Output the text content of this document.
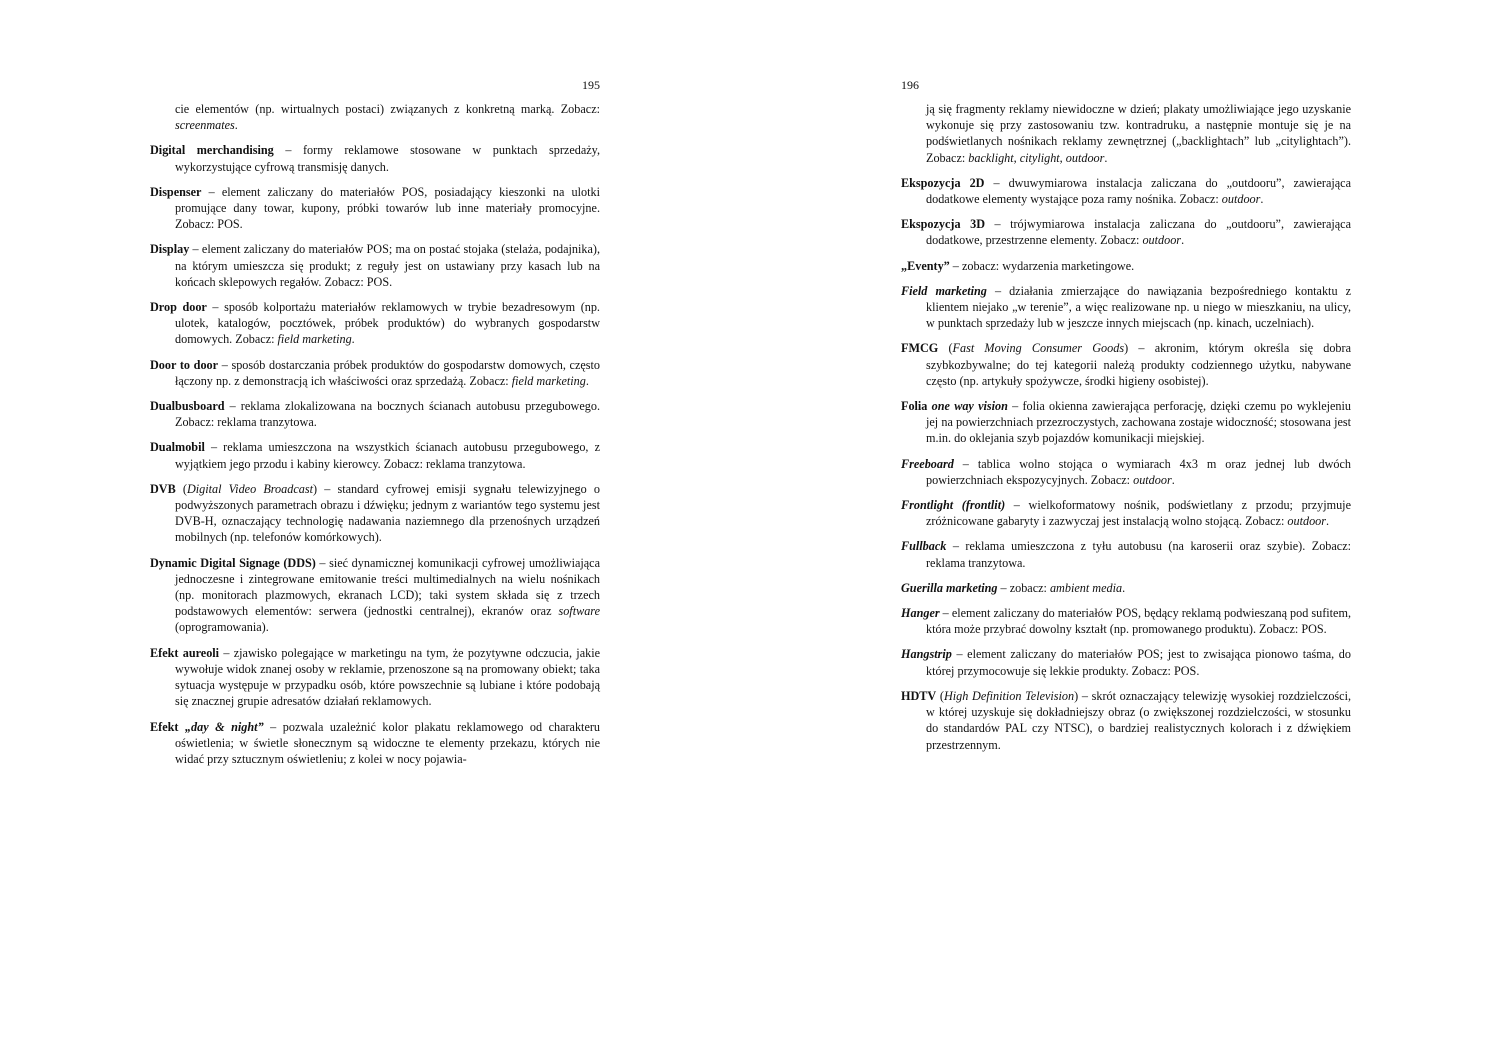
195

cie elementów (np. wirtualnych postaci) związanych z konkretną marką. Zobacz: screenmates.

Digital merchandising – formy reklamowe stosowane w punktach sprzedaży, wykorzystujące cyfrową transmisję danych.

Dispenser – element zaliczany do materiałów POS, posiadający kieszonki na ulotki promujące dany towar, kupony, próbki towarów lub inne materiały promocyjne. Zobacz: POS.

Display – element zaliczany do materiałów POS; ma on postać stojaka (stelaża, podajnika), na którym umieszcza się produkt; z reguły jest on ustawiany przy kasach lub na końcach sklepowych regałów. Zobacz: POS.

Drop door – sposób kolportażu materiałów reklamowych w trybie bezadresowym (np. ulotek, katalogów, pocztówek, próbek produktów) do wybranych gospodarstw domowych. Zobacz: field marketing.

Door to door – sposób dostarczania próbek produktów do gospodarstw domowych, często łączony np. z demonstracją ich właściwości oraz sprzedażą. Zobacz: field marketing.

Dualbusboard – reklama zlokalizowana na bocznych ścianach autobusu przegubowego. Zobacz: reklama tranzytowa.

Dualmobil – reklama umieszczona na wszystkich ścianach autobusu przegubowego, z wyjątkiem jego przodu i kabiny kierowcy. Zobacz: reklama tranzytowa.

DVB (Digital Video Broadcast) – standard cyfrowej emisji sygnału telewizyjnego o podwyższonych parametrach obrazu i dźwięku; jednym z wariantów tego systemu jest DVB-H, oznaczający technologię nadawania naziemnego dla przenośnych urządzeń mobilnych (np. telefonów komórkowych).

Dynamic Digital Signage (DDS) – sieć dynamicznej komunikacji cyfrowej umożliwiająca jednoczesne i zintegrowane emitowanie treści multimedialnych na wielu nośnikach (np. monitorach plazmowych, ekranach LCD); taki system składa się z trzech podstawowych elementów: serwera (jednostki centralnej), ekranów oraz software (oprogramowania).

Efekt aureoli – zjawisko polegające w marketingu na tym, że pozytywne odczucia, jakie wywołuje widok znanej osoby w reklamie, przenoszone są na promowany obiekt; taka sytuacja występuje w przypadku osób, które powszechnie są lubiane i które podobają się znacznej grupie adresatów działań reklamowych.

Efekt „day & night” – pozwala uzależnić kolor plakatu reklamowego od charakteru oświetlenia; w świetle słonecznym są widoczne te elementy przekazu, których nie widać przy sztucznym oświetleniu; z kolei w nocy pojawia-

196

ją się fragmenty reklamy niewidoczne w dzień; plakaty umożliwiające jego uzyskanie wykonuje się przy zastosowaniu tzw. kontradruku, a następnie montuje się je na podświetlanych nośnikach reklamy zewnętrznej („backlightach” lub „citylightach”). Zobacz: backlight, citylight, outdoor.

Ekspozycja 2D – dwuwymiarowa instalacja zaliczana do „outdooru”, zawierająca dodatkowe elementy wystające poza ramy nośnika. Zobacz: outdoor.

Ekspozycja 3D – trójwymiarowa instalacja zaliczana do „outdooru”, zawierająca dodatkowe, przestrzenne elementy. Zobacz: outdoor.

„Eventy” – zobacz: wydarzenia marketingowe.

Field marketing – działania zmierzające do nawiązania bezpośredniego kontaktu z klientem niejako „w terenie”, a więc realizowane np. u niego w mieszkaniu, na ulicy, w punktach sprzedaży lub w jeszcze innych miejscach (np. kinach, uczelniach).

FMCG (Fast Moving Consumer Goods) – akronim, którym określa się dobra szybkozbywalne; do tej kategorii należą produkty codziennego użytku, nabywane często (np. artykuły spożywcze, środki higieny osobistej).

Folia one way vision – folia okienna zawierająca perforację, dzięki czemu po wyklejeniu jej na powierzchniach przezroczystych, zachowana zostaje widoczność; stosowana jest m.in. do oklejania szyb pojazdów komunikacji miejskiej.

Freeboard – tablica wolno stojąca o wymiarach 4x3 m oraz jednej lub dwóch powierzchniach ekspozycyjnych. Zobacz: outdoor.

Frontlight (frontlit) – wielkoformatowy nośnik, podświetlany z przodu; przyjmuje zróżnicowane gabaryty i zazwyczaj jest instalacją wolno stojącą. Zobacz: outdoor.

Fullback – reklama umieszczona z tyłu autobusu (na karoserii oraz szybie). Zobacz: reklama tranzytowa.

Guerilla marketing – zobacz: ambient media.

Hanger – element zaliczany do materiałów POS, będący reklamą podwieszaną pod sufitem, która może przybrać dowolny kształt (np. promowanego produktu). Zobacz: POS.

Hangstrip – element zaliczany do materiałów POS; jest to zwisająca pionowo taśma, do której przymocowuje się lekkie produkty. Zobacz: POS.

HDTV (High Definition Television) – skrót oznaczający telewizję wysokiej rozdzielczości, w której uzyskuje się dokładniejszy obraz (o zwiększonej rozdzielczości, w stosunku do standardów PAL czy NTSC), o bardziej realistycznych kolorach i z dźwiękiem przestrzennym.
